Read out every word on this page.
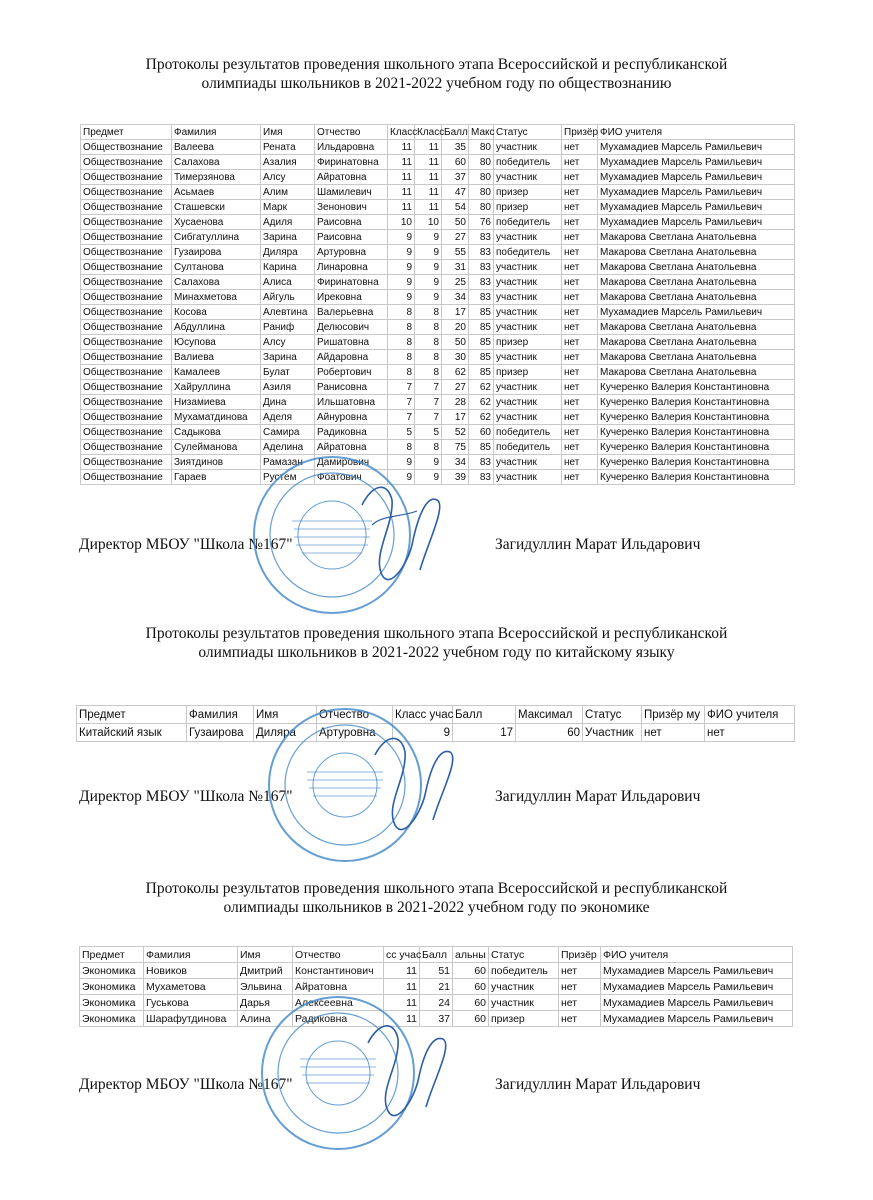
Протоколы результатов проведения школьного этапа Всероссийской и республиканской
олимпиады школьников в 2021-2022 учебном году по обществознанию
Предмет	Фамилия	Имя	Отчество	Класс	Класс	Балл	Макс	Статус	Призёр	ФИО учителя
Обществознание	Валеева	Рената	Ильдаровна	11	11	35	80	участник	нет	Мухамадиев Марсель Рамильевич
Обществознание	Салахова	Азалия	Фиринатовна	11	11	60	80	победитель	нет	Мухамадиев Марсель Рамильевич
Обществознание	Тимерзянова	Алсу	Айратовна	11	11	37	80	участник	нет	Мухамадиев Марсель Рамильевич
Обществознание	Асьмаев	Алим	Шамилевич	11	11	47	80	призер	нет	Мухамадиев Марсель Рамильевич
Обществознание	Сташевски	Марк	Зенонович	11	11	54	80	призер	нет	Мухамадиев Марсель Рамильевич
Обществознание	Хусаенова	Адиля	Раисовна	10	10	50	76	победитель	нет	Мухамадиев Марсель Рамильевич
Обществознание	Сибгатуллина	Зарина	Раисовна	9	9	27	83	участник	нет	Макарова Светлана Анатольевна
Обществознание	Гузаирова	Диляра	Артуровна	9	9	55	83	победитель	нет	Макарова Светлана Анатольевна
Обществознание	Султанова	Карина	Линаровна	9	9	31	83	участник	нет	Макарова Светлана Анатольевна
Обществознание	Салахова	Алиса	Фиринатовна	9	9	25	83	участник	нет	Макарова Светлана Анатольевна
Обществознание	Минахметова	Айгуль	Ирековна	9	9	34	83	участник	нет	Макарова Светлана Анатольевна
Обществознание	Косова	Алевтина	Валерьевна	8	8	17	85	участник	нет	Мухамадиев Марсель Рамильевич
Обществознание	Абдуллина	Раниф	Делюсович	8	8	20	85	участник	нет	Макарова Светлана Анатольевна
Обществознание	Юсупова	Алсу	Ришатовна	8	8	50	85	призер	нет	Макарова Светлана Анатольевна
Обществознание	Валиева	Зарина	Айдаровна	8	8	30	85	участник	нет	Макарова Светлана Анатольевна
Обществознание	Камалеев	Булат	Робертович	8	8	62	85	призер	нет	Макарова Светлана Анатольевна
Обществознание	Хайруллина	Азиля	Ранисовна	7	7	27	62	участник	нет	Кучеренко Валерия Константиновна
Обществознание	Низамиева	Дина	Ильшатовна	7	7	28	62	участник	нет	Кучеренко Валерия Константиновна
Обществознание	Мухаматдинова	Аделя	Айнуровна	7	7	17	62	участник	нет	Кучеренко Валерия Константиновна
Обществознание	Садыкова	Самира	Радиковна	5	5	52	60	победитель	нет	Кучеренко Валерия Константиновна
Обществознание	Сулейманова	Аделина	Айратовна	8	8	75	85	победитель	нет	Кучеренко Валерия Константиновна
Обществознание	Зиятдинов	Рамазан	Дамирович	9	9	34	83	участник	нет	Кучеренко Валерия Константиновна
Обществознание	Гараев	Рустем	Фоатович	9	9	39	83	участник	нет	Кучеренко Валерия Константиновна
Директор МБОУ "Школа №167"	Загидуллин Марат Ильдарович
Протоколы результатов проведения школьного этапа Всероссийской и республиканской
олимпиады школьников в 2021-2022 учебном году по китайскому языку
Предмет	Фамилия	Имя	Отчество	Класс учас	Балл	Максимал	Статус	Призёр му	ФИО учителя
Китайский язык	Гузаирова	Диляра	Артуровна	9	17	60	Участник	нет	нет
Директор МБОУ "Школа №167"	Загидуллин Марат Ильдарович
Протоколы результатов проведения школьного этапа Всероссийской и республиканской
олимпиады школьников в 2021-2022 учебном году по экономике
Предмет	Фамилия	Имя	Отчество	сс учас	Балл	альны	Статус	Призёр	ФИО учителя
Экономика	Новиков	Дмитрий	Константинович	11	51	60	победитель	нет	Мухамадиев Марсель Рамильевич
Экономика	Мухаметова	Эльвина	Айратовна	11	21	60	участник	нет	Мухамадиев Марсель Рамильевич
Экономика	Гуськова	Дарья	Алексеевна	11	24	60	участник	нет	Мухамадиев Марсель Рамильевич
Экономика	Шарафутдинова	Алина	Радиковна	11	37	60	призер	нет	Мухамадиев Марсель Рамильевич
Директор МБОУ "Школа №167"	Загидуллин Марат Ильдарович
